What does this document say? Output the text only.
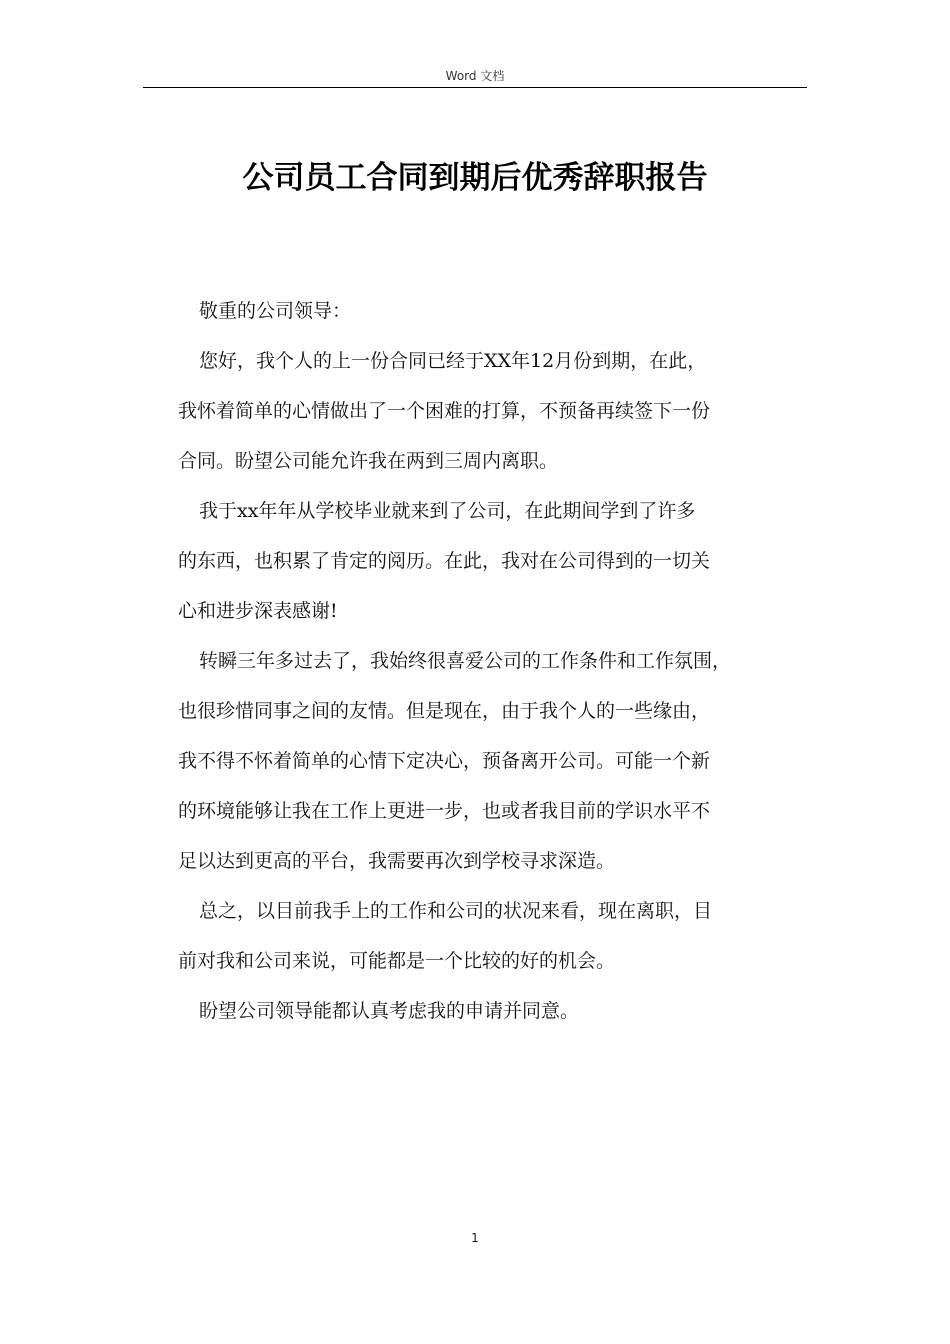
Word 文档
公司员工合同到期后优秀辞职报告

敬重的公司领导：

您好，我个人的上一份合同已经于XX年12月份到期，在此，

我怀着简单的心情做出了一个困难的打算，不预备再续签下一份

合同。盼望公司能允许我在两到三周内离职。

我于xx年年从学校毕业就来到了公司，在此期间学到了许多

的东西，也积累了肯定的阅历。在此，我对在公司得到的一切关

心和进步深表感谢!

转瞬三年多过去了，我始终很喜爱公司的工作条件和工作氛围，

也很珍惜同事之间的友情。但是现在，由于我个人的一些缘由，

我不得不怀着简单的心情下定决心，预备离开公司。可能一个新

的环境能够让我在工作上更进一步，也或者我目前的学识水平不

足以达到更高的平台，我需要再次到学校寻求深造。

总之，以目前我手上的工作和公司的状况来看，现在离职，目

前对我和公司来说，可能都是一个比较的好的机会。

盼望公司领导能都认真考虑我的申请并同意。

1
